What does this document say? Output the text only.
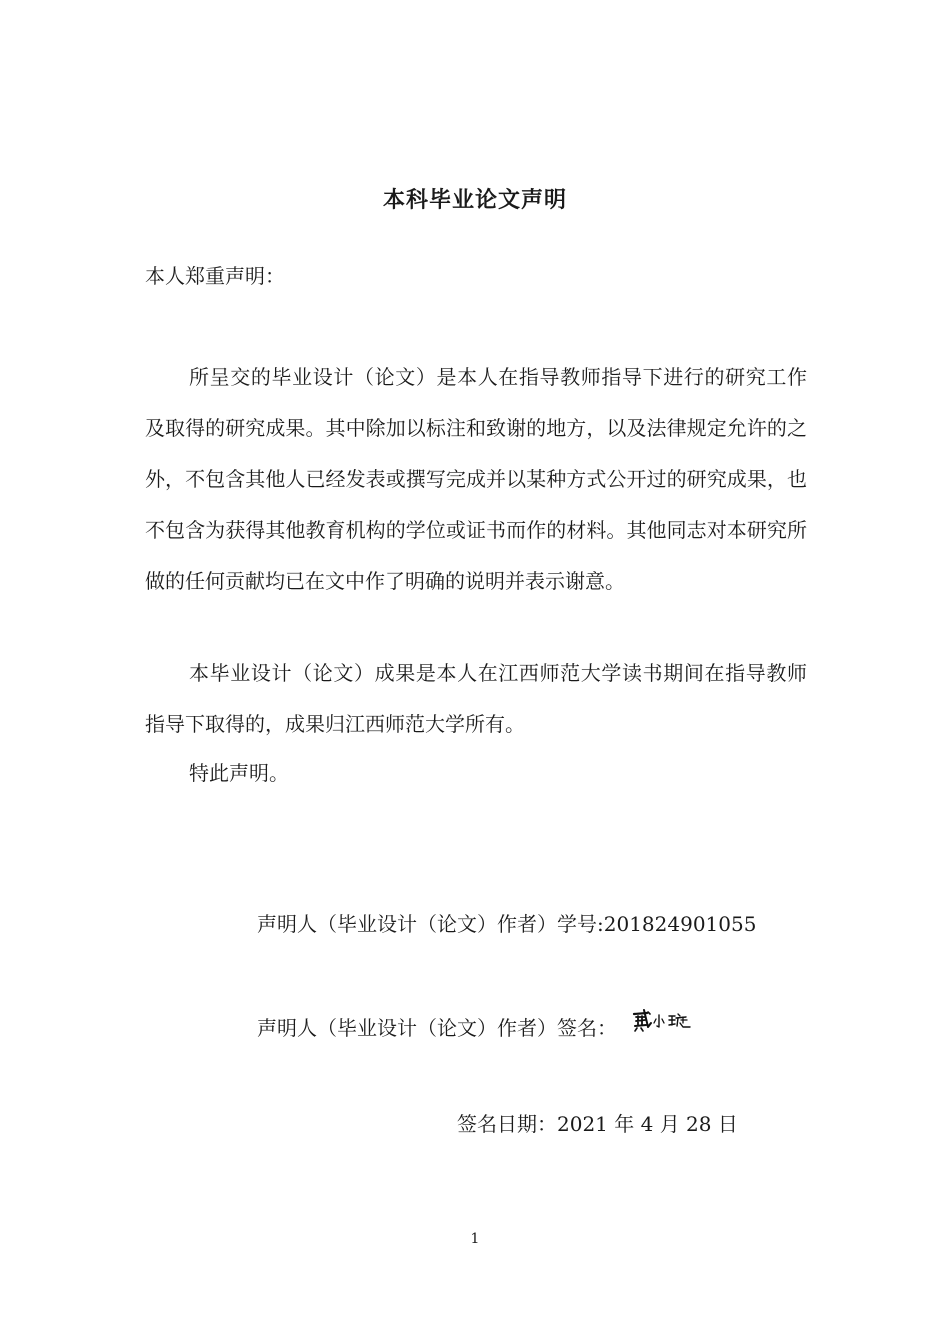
本科毕业论文声明
本人郑重声明：

所呈交的毕业设计（论文）是本人在指导教师指导下进行的研究工作及取得的研究成果。其中除加以标注和致谢的地方，以及法律规定允许的之外，不包含其他人已经发表或撰写完成并以某种方式公开过的研究成果，也不包含为获得其他教育机构的学位或证书而作的材料。其他同志对本研究所做的任何贡献均已在文中作了明确的说明并表示谢意。

本毕业设计（论文）成果是本人在江西师范大学读书期间在指导教师指导下取得的，成果归江西师范大学所有。

特此声明。

声明人（毕业设计（论文）作者）学号:201824901055
声明人（毕业设计（论文）作者）签名：
签名日期：2021 年 4 月 28 日
1
